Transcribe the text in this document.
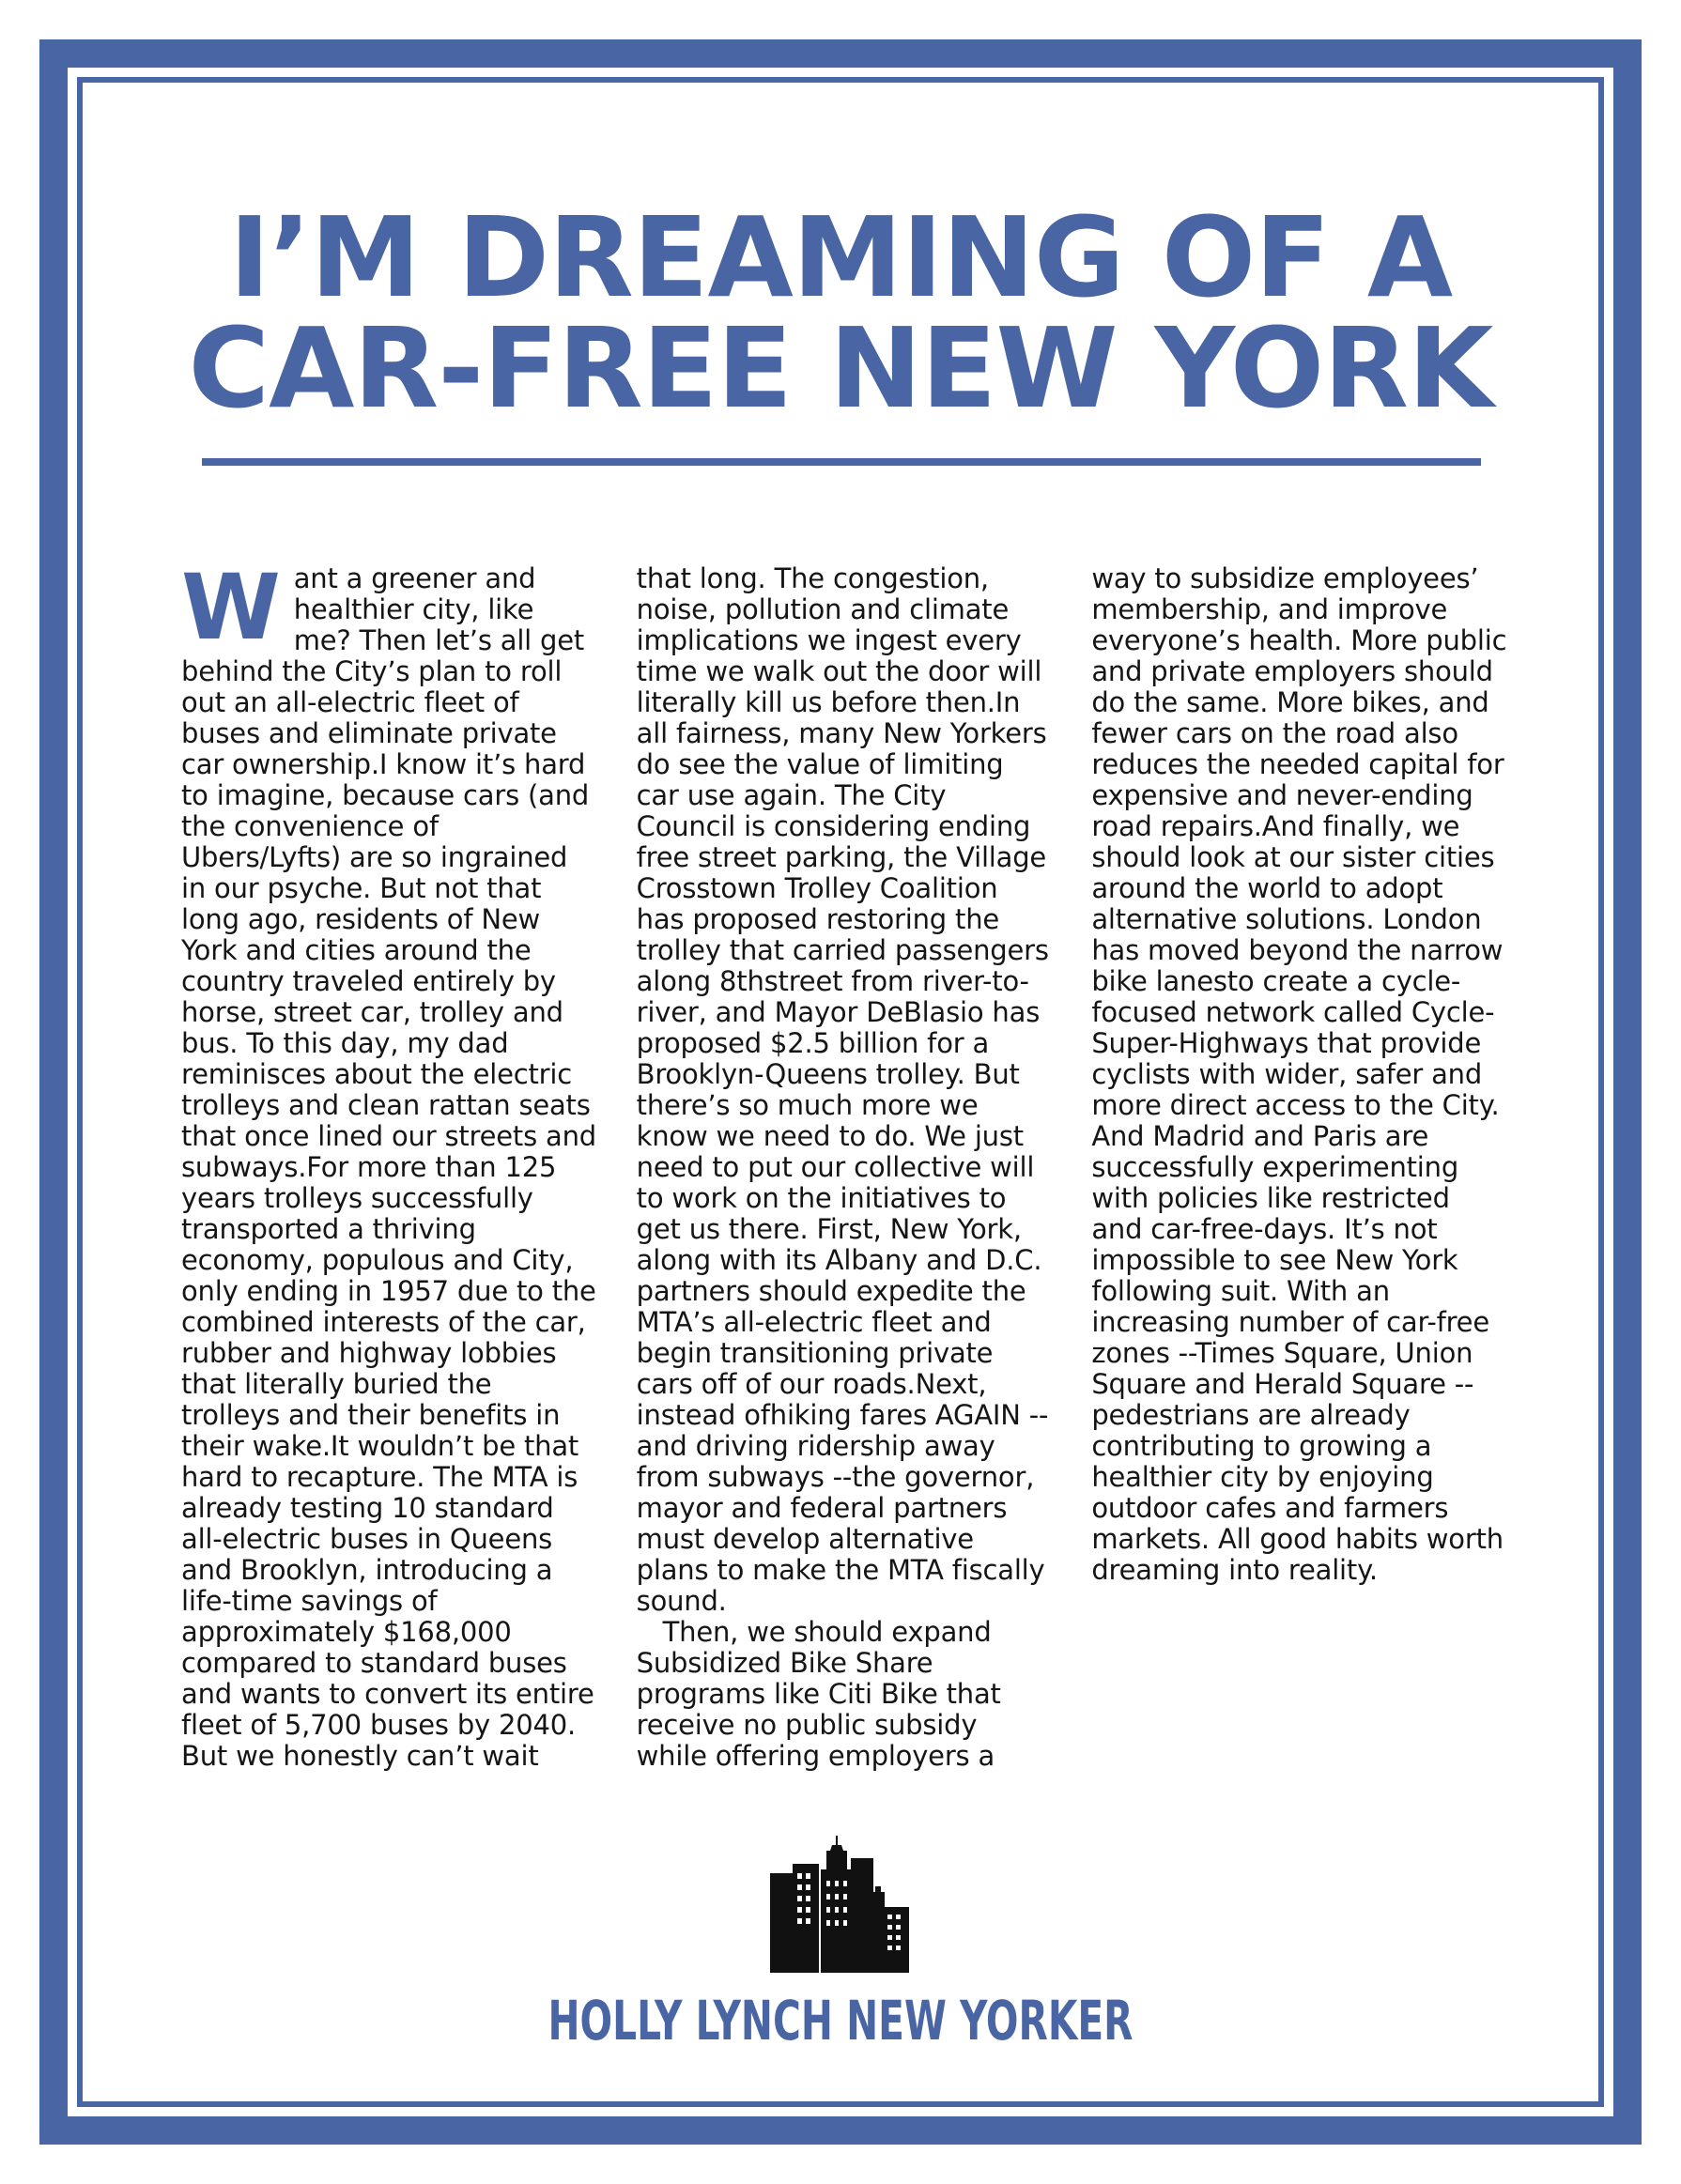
I’M DREAMING OF A
CAR-FREE NEW YORK

Want a greener and healthier city, like me? Then let’s all get behind the City’s plan to roll out an all-electric fleet of buses and eliminate private car ownership.I know it’s hard to imagine, because cars (and the convenience of Ubers/Lyfts) are so ingrained in our psyche. But not that long ago, residents of New York and cities around the country traveled entirely by horse, street car, trolley and bus. To this day, my dad reminisces about the electric trolleys and clean rattan seats that once lined our streets and subways.For more than 125 years trolleys successfully transported a thriving economy, populous and City, only ending in 1957 due to the combined interests of the car, rubber and highway lobbies that literally buried the trolleys and their benefits in their wake.It wouldn’t be that hard to recapture. The MTA is already testing 10 standard all-electric buses in Queens and Brooklyn, introducing a life-time savings of approximately $168,000 compared to standard buses and wants to convert its entire fleet of 5,700 buses by 2040. But we honestly can’t wait that long. The congestion, noise, pollution and climate implications we ingest every time we walk out the door will literally kill us before then.In all fairness, many New Yorkers do see the value of limiting car use again. The City Council is considering ending free street parking, the Village Crosstown Trolley Coalition has proposed restoring the trolley that carried passengers along 8thstreet from river-to-river, and Mayor DeBlasio has proposed $2.5 billion for a Brooklyn-Queens trolley. But there’s so much more we know we need to do. We just need to put our collective will to work on the initiatives to get us there. First, New York, along with its Albany and D.C. partners should expedite the MTA’s all-electric fleet and begin transitioning private cars off of our roads.Next, instead ofhiking fares AGAIN --and driving ridership away from subways --the governor, mayor and federal partners must develop alternative plans to make the MTA fiscally sound.

Then, we should expand Subsidized Bike Share programs like Citi Bike that receive no public subsidy while offering employers a way to subsidize employees’ membership, and improve everyone’s health. More public and private employers should do the same. More bikes, and fewer cars on the road also reduces the needed capital for expensive and never-ending road repairs.And finally, we should look at our sister cities around the world to adopt alternative solutions. London has moved beyond the narrow bike lanesto create a cycle-focused network called Cycle-Super-Highways that provide cyclists with wider, safer and more direct access to the City. And Madrid and Paris are successfully experimenting with policies like restricted and car-free-days. It’s not impossible to see New York following suit. With an increasing number of car-free zones --Times Square, Union Square and Herald Square --pedestrians are already contributing to growing a healthier city by enjoying outdoor cafes and farmers markets. All good habits worth dreaming into reality.

HOLLY LYNCH NEW YORKER
